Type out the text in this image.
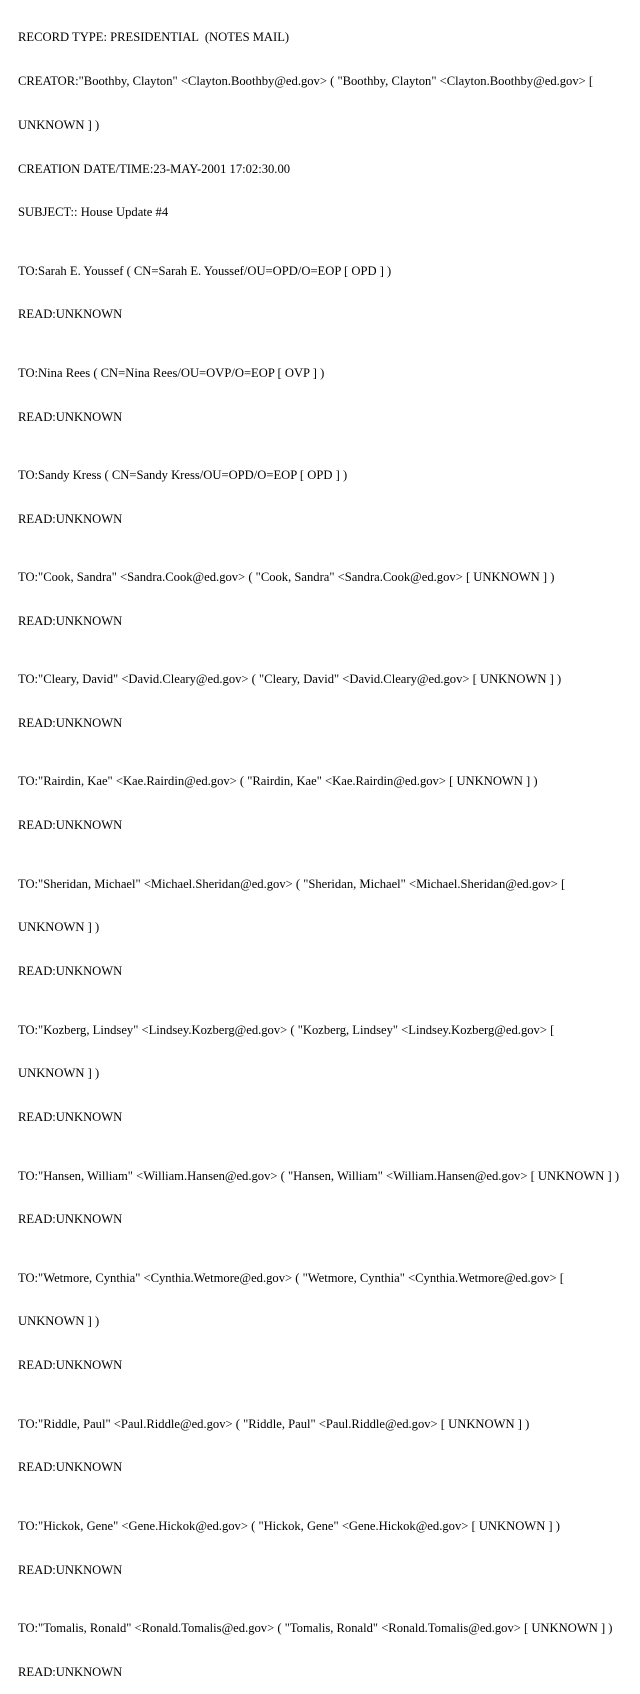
RECORD TYPE: PRESIDENTIAL  (NOTES MAIL)

CREATOR:"Boothby, Clayton" <Clayton.Boothby@ed.gov> ( "Boothby, Clayton" <Clayton.Boothby@ed.gov> [

UNKNOWN ] )

CREATION DATE/TIME:23-MAY-2001 17:02:30.00

SUBJECT:: House Update #4

TO:Sarah E. Youssef ( CN=Sarah E. Youssef/OU=OPD/O=EOP [ OPD ] )

READ:UNKNOWN

TO:Nina Rees ( CN=Nina Rees/OU=OVP/O=EOP [ OVP ] )

READ:UNKNOWN

TO:Sandy Kress ( CN=Sandy Kress/OU=OPD/O=EOP [ OPD ] )

READ:UNKNOWN

TO:"Cook, Sandra" <Sandra.Cook@ed.gov> ( "Cook, Sandra" <Sandra.Cook@ed.gov> [ UNKNOWN ] )

READ:UNKNOWN

TO:"Cleary, David" <David.Cleary@ed.gov> ( "Cleary, David" <David.Cleary@ed.gov> [ UNKNOWN ] )

READ:UNKNOWN

TO:"Rairdin, Kae" <Kae.Rairdin@ed.gov> ( "Rairdin, Kae" <Kae.Rairdin@ed.gov> [ UNKNOWN ] )

READ:UNKNOWN

TO:"Sheridan, Michael" <Michael.Sheridan@ed.gov> ( "Sheridan, Michael" <Michael.Sheridan@ed.gov> [

UNKNOWN ] )

READ:UNKNOWN

TO:"Kozberg, Lindsey" <Lindsey.Kozberg@ed.gov> ( "Kozberg, Lindsey" <Lindsey.Kozberg@ed.gov> [

UNKNOWN ] )

READ:UNKNOWN

TO:"Hansen, William" <William.Hansen@ed.gov> ( "Hansen, William" <William.Hansen@ed.gov> [ UNKNOWN ] )

READ:UNKNOWN

TO:"Wetmore, Cynthia" <Cynthia.Wetmore@ed.gov> ( "Wetmore, Cynthia" <Cynthia.Wetmore@ed.gov> [

UNKNOWN ] )

READ:UNKNOWN

TO:"Riddle, Paul" <Paul.Riddle@ed.gov> ( "Riddle, Paul" <Paul.Riddle@ed.gov> [ UNKNOWN ] )

READ:UNKNOWN

TO:"Hickok, Gene" <Gene.Hickok@ed.gov> ( "Hickok, Gene" <Gene.Hickok@ed.gov> [ UNKNOWN ] )

READ:UNKNOWN

TO:"Tomalis, Ronald" <Ronald.Tomalis@ed.gov> ( "Tomalis, Ronald" <Ronald.Tomalis@ed.gov> [ UNKNOWN ] )

READ:UNKNOWN
